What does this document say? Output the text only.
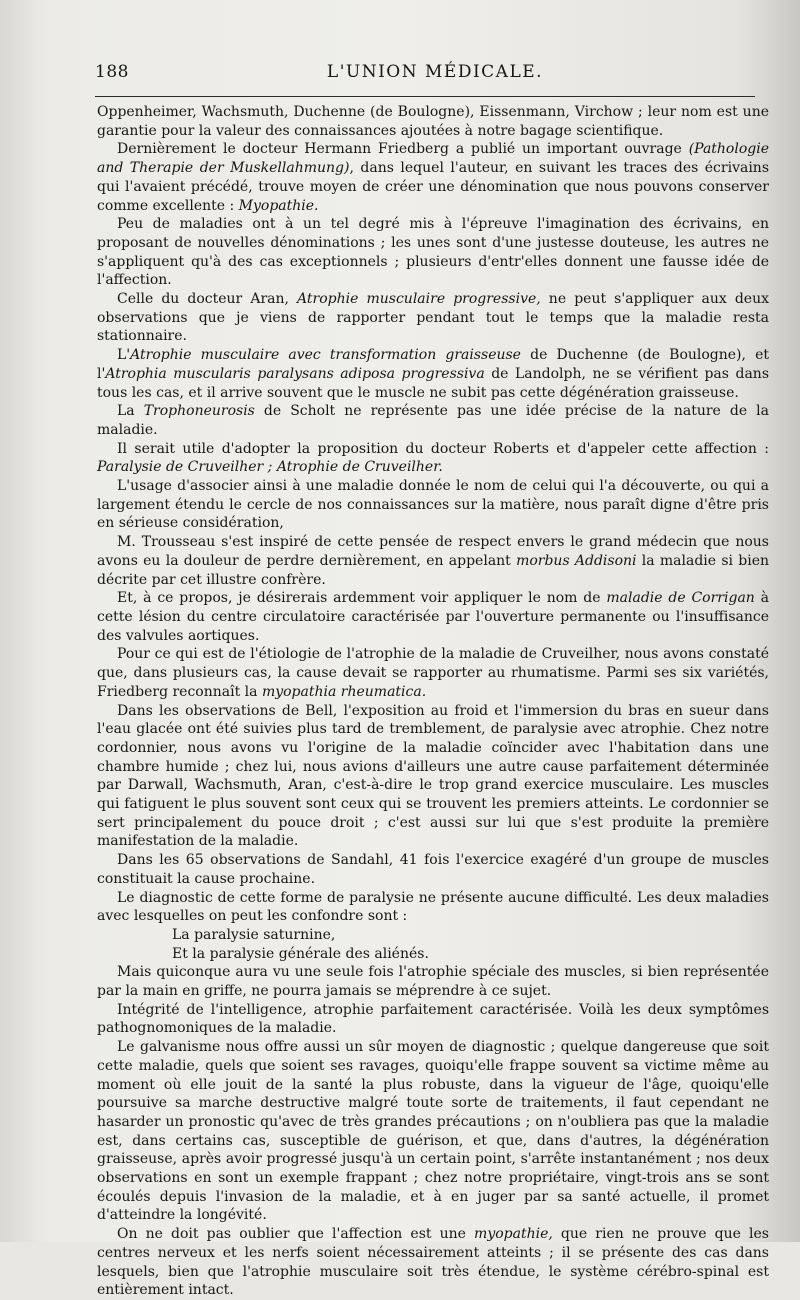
188	L'UNION MÉDICALE.

Oppenheimer, Wachsmuth, Duchenne (de Boulogne), Eissenmann, Virchow ; leur nom est une garantie pour la valeur des connaissances ajoutées à notre bagage scientifique.

Dernièrement le docteur Hermann Friedberg a publié un important ouvrage (Pathologie and Therapie der Muskellahmung), dans lequel l'auteur, en suivant les traces des écrivains qui l'avaient précédé, trouve moyen de créer une dénomination que nous pouvons conserver comme excellente : Myopathie.

Peu de maladies ont à un tel degré mis à l'épreuve l'imagination des écrivains, en proposant de nouvelles dénominations ; les unes sont d'une justesse douteuse, les autres ne s'appliquent qu'à des cas exceptionnels ; plusieurs d'entr'elles donnent une fausse idée de l'affection.

Celle du docteur Aran, Atrophie musculaire progressive, ne peut s'appliquer aux deux observations que je viens de rapporter pendant tout le temps que la maladie resta stationnaire.

L'Atrophie musculaire avec transformation graisseuse de Duchenne (de Boulogne), et l'Atrophia muscularis paralysans adiposa progressiva de Landolph, ne se vérifient pas dans tous les cas, et il arrive souvent que le muscle ne subit pas cette dégénération graisseuse.

La Trophoneurosis de Scholt ne représente pas une idée précise de la nature de la maladie.

Il serait utile d'adopter la proposition du docteur Roberts et d'appeler cette affection : Paralysie de Cruveilher ; Atrophie de Cruveilher.

L'usage d'associer ainsi à une maladie donnée le nom de celui qui l'a découverte, ou qui a largement étendu le cercle de nos connaissances sur la matière, nous paraît digne d'être pris en sérieuse considération,

M. Trousseau s'est inspiré de cette pensée de respect envers le grand médecin que nous avons eu la douleur de perdre dernièrement, en appelant morbus Addisoni la maladie si bien décrite par cet illustre confrère.

Et, à ce propos, je désirerais ardemment voir appliquer le nom de maladie de Corrigan à cette lésion du centre circulatoire caractérisée par l'ouverture permanente ou l'insuffisance des valvules aortiques.

Pour ce qui est de l'étiologie de l'atrophie de la maladie de Cruveilher, nous avons constaté que, dans plusieurs cas, la cause devait se rapporter au rhumatisme. Parmi ses six variétés, Friedberg reconnaît la myopathia rheumatica.

Dans les observations de Bell, l'exposition au froid et l'immersion du bras en sueur dans l'eau glacée ont été suivies plus tard de tremblement, de paralysie avec atrophie. Chez notre cordonnier, nous avons vu l'origine de la maladie coïncider avec l'habitation dans une chambre humide ; chez lui, nous avions d'ailleurs une autre cause parfaitement déterminée par Darwall, Wachsmuth, Aran, c'est-à-dire le trop grand exercice musculaire. Les muscles qui fatiguent le plus souvent sont ceux qui se trouvent les premiers atteints. Le cordonnier se sert principalement du pouce droit ; c'est aussi sur lui que s'est produite la première manifestation de la maladie.

Dans les 65 observations de Sandahl, 41 fois l'exercice exagéré d'un groupe de muscles constituait la cause prochaine.

Le diagnostic de cette forme de paralysie ne présente aucune difficulté. Les deux maladies avec lesquelles on peut les confondre sont :

La paralysie saturnine,

Et la paralysie générale des aliénés.

Mais quiconque aura vu une seule fois l'atrophie spéciale des muscles, si bien représentée par la main en griffe, ne pourra jamais se méprendre à ce sujet.

Intégrité de l'intelligence, atrophie parfaitement caractérisée. Voilà les deux symptômes pathognomoniques de la maladie.

Le galvanisme nous offre aussi un sûr moyen de diagnostic ; quelque dangereuse que soit cette maladie, quels que soient ses ravages, quoiqu'elle frappe souvent sa victime même au moment où elle jouit de la santé la plus robuste, dans la vigueur de l'âge, quoiqu'elle poursuive sa marche destructive malgré toute sorte de traitements, il faut cependant ne hasarder un pronostic qu'avec de très grandes précautions ; on n'oubliera pas que la maladie est, dans certains cas, susceptible de guérison, et que, dans d'autres, la dégénération graisseuse, après avoir progressé jusqu'à un certain point, s'arrête instantanément ; nos deux observations en sont un exemple frappant ; chez notre propriétaire, vingt-trois ans se sont écoulés depuis l'invasion de la maladie, et à en juger par sa santé actuelle, il promet d'atteindre la longévité.

On ne doit pas oublier que l'affection est une myopathie, que rien ne prouve que les centres nerveux et les nerfs soient nécessairement atteints ; il se présente des cas dans lesquels, bien que l'atrophie musculaire soit très étendue, le système cérébro-spinal est entièrement intact.
